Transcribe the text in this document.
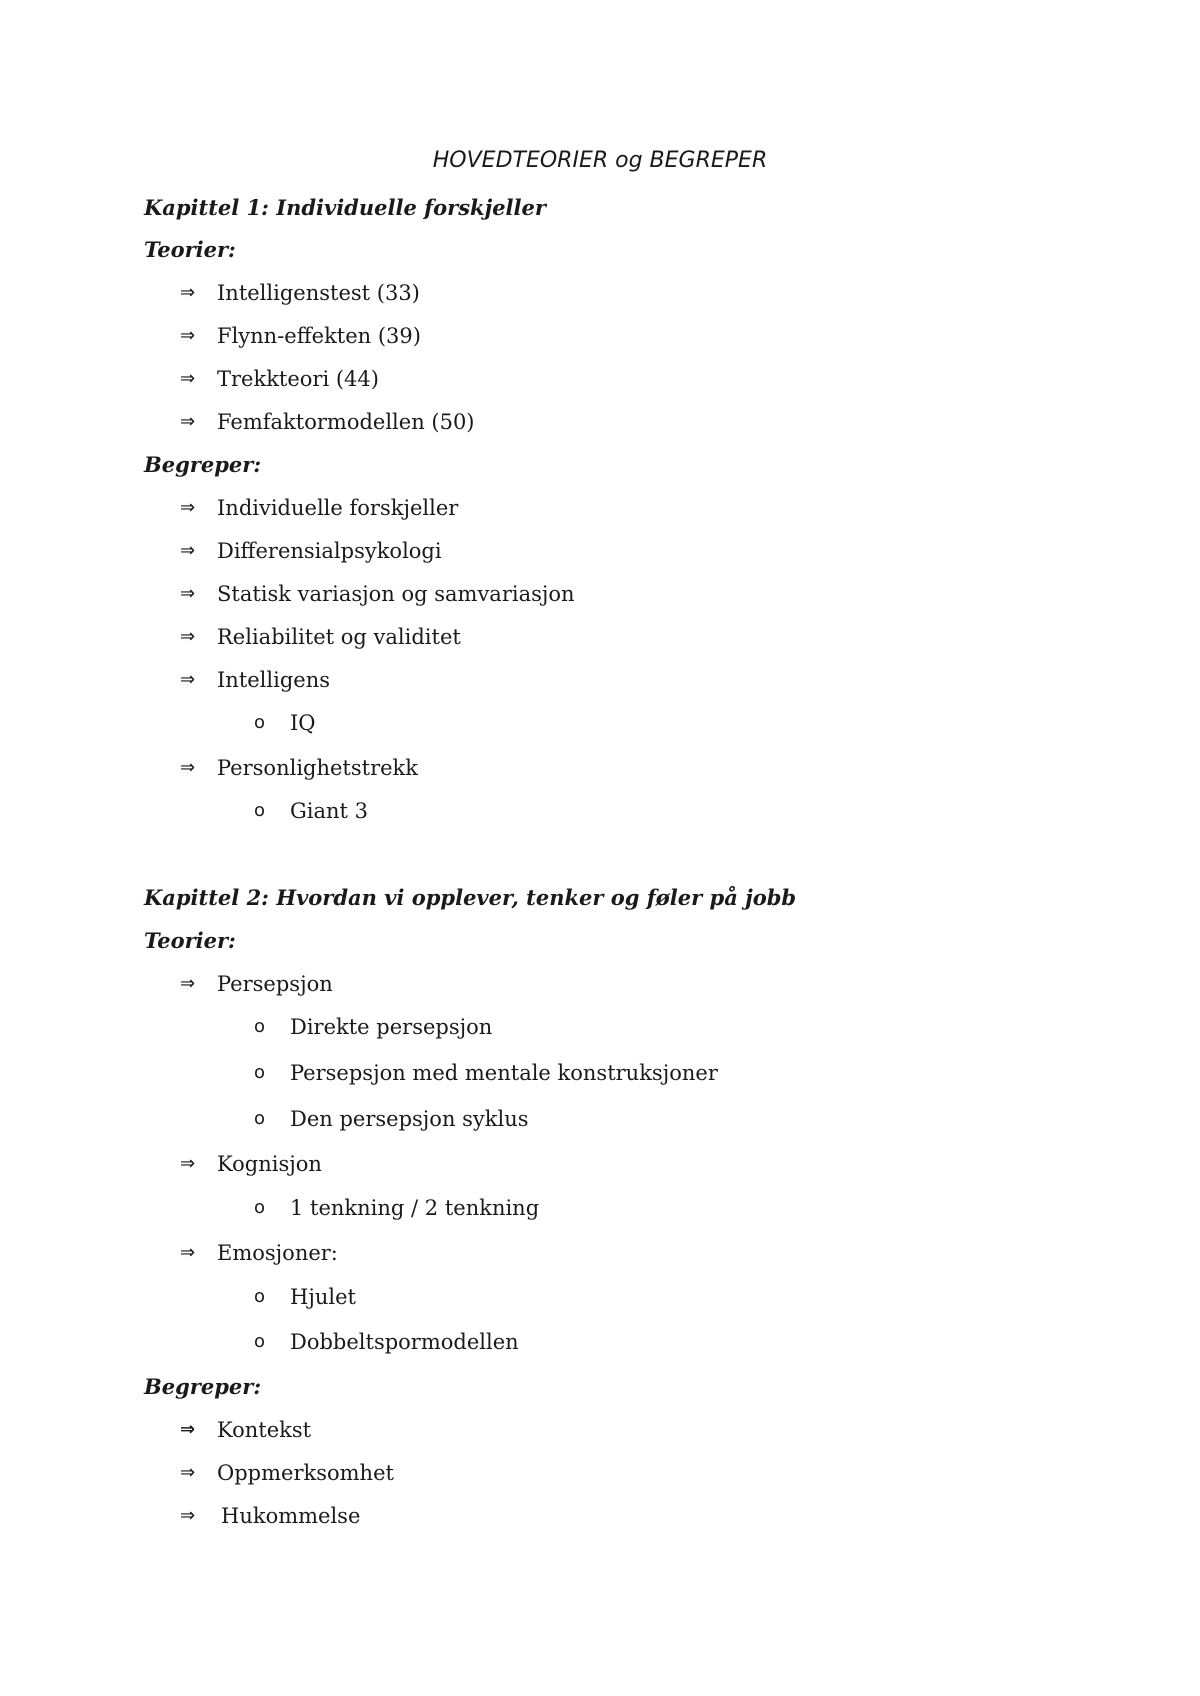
HOVEDTEORIER og BEGREPER
Kapittel 1: Individuelle forskjeller
Teorier:
⇒	Intelligenstest (33)
⇒	Flynn-effekten (39)
⇒	Trekkteori (44)
⇒	Femfaktormodellen (50)
Begreper:
⇒	Individuelle forskjeller
⇒	Differensialpsykologi
⇒	Statisk variasjon og samvariasjon
⇒	Reliabilitet og validitet
⇒	Intelligens
o IQ
⇒	Personlighetstrekk
o Giant 3
Kapittel 2: Hvordan vi opplever, tenker og føler på jobb
Teorier:
⇒	Persepsjon
o Direkte persepsjon
o Persepsjon med mentale konstruksjoner
o Den persepsjon syklus
⇒	Kognisjon
o 1 tenkning / 2 tenkning
⇒	Emosjoner:
o Hjulet
o Dobbeltspormodellen
Begreper:
⇒	Kontekst
⇒	Oppmerksomhet
⇒	Hukommelse
